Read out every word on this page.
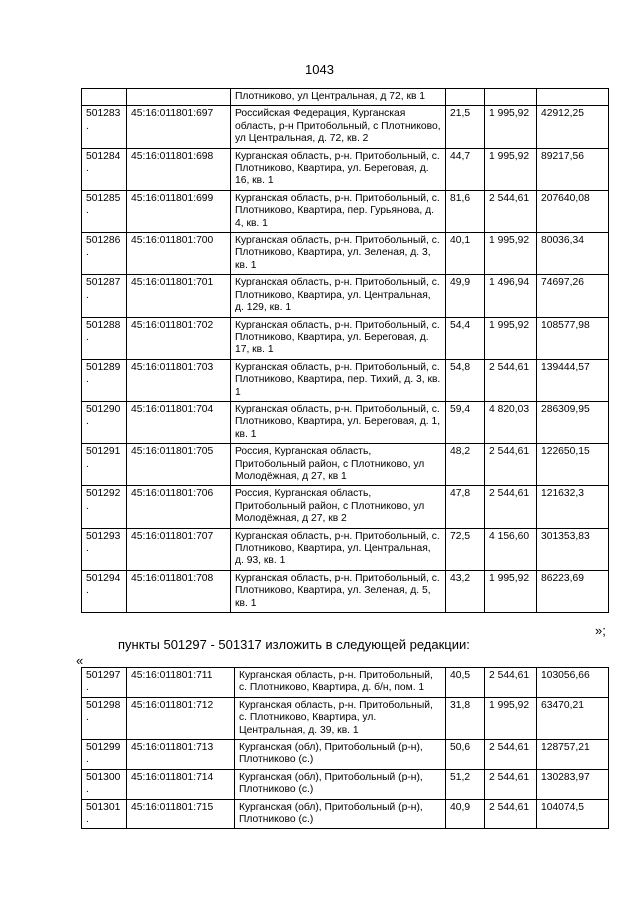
1043
		Плотниково, ул Центральная, д 72, кв 1			
501283.	45:16:011801:697	Российская Федерация, Курганская область, р-н Притобольный, с Плотниково, ул Центральная, д. 72, кв. 2	21,5	1 995,92	42912,25
501284.	45:16:011801:698	Курганская область, р-н. Притобольный, с. Плотниково, Квартира, ул. Береговая, д. 16, кв. 1	44,7	1 995,92	89217,56
501285.	45:16:011801:699	Курганская область, р-н. Притобольный, с. Плотниково, Квартира, пер. Гурьянова, д. 4, кв. 1	81,6	2 544,61	207640,08
501286.	45:16:011801:700	Курганская область, р-н. Притобольный, с. Плотниково, Квартира, ул. Зеленая, д. 3, кв. 1	40,1	1 995,92	80036,34
501287.	45:16:011801:701	Курганская область, р-н. Притобольный, с. Плотниково, Квартира, ул. Центральная, д. 129, кв. 1	49,9	1 496,94	74697,26
501288.	45:16:011801:702	Курганская область, р-н. Притобольный, с. Плотниково, Квартира, ул. Береговая, д. 17, кв. 1	54,4	1 995,92	108577,98
501289.	45:16:011801:703	Курганская область, р-н. Притобольный, с. Плотниково, Квартира, пер. Тихий, д. 3, кв. 1	54,8	2 544,61	139444,57
501290.	45:16:011801:704	Курганская область, р-н. Притобольный, с. Плотниково, Квартира, ул. Береговая, д. 1, кв. 1	59,4	4 820,03	286309,95
501291.	45:16:011801:705	Россия, Курганская область, Притобольный район, с Плотниково, ул Молодёжная, д 27, кв 1	48,2	2 544,61	122650,15
501292.	45:16:011801:706	Россия, Курганская область, Притобольный район, с Плотниково, ул Молодёжная, д 27, кв 2	47,8	2 544,61	121632,3
501293.	45:16:011801:707	Курганская область, р-н. Притобольный, с. Плотниково, Квартира, ул. Центральная, д. 93, кв. 1	72,5	4 156,60	301353,83
501294.	45:16:011801:708	Курганская область, р-н. Притобольный, с. Плотниково, Квартира, ул. Зеленая, д. 5, кв. 1	43,2	1 995,92	86223,69
»;
пункты 501297 - 501317 изложить в следующей редакции:
«
501297.	45:16:011801:711	Курганская область, р-н. Притобольный, с. Плотниково, Квартира, д. б/н, пом. 1	40,5	2 544,61	103056,66
501298.	45:16:011801:712	Курганская область, р-н. Притобольный, с. Плотниково, Квартира, ул. Центральная, д. 39, кв. 1	31,8	1 995,92	63470,21
501299.	45:16:011801:713	Курганская (обл), Притобольный (р-н), Плотниково (с.)	50,6	2 544,61	128757,21
501300.	45:16:011801:714	Курганская (обл), Притобольный (р-н), Плотниково (с.)	51,2	2 544,61	130283,97
501301.	45:16:011801:715	Курганская (обл), Притобольный (р-н), Плотниково (с.)	40,9	2 544,61	104074,5
